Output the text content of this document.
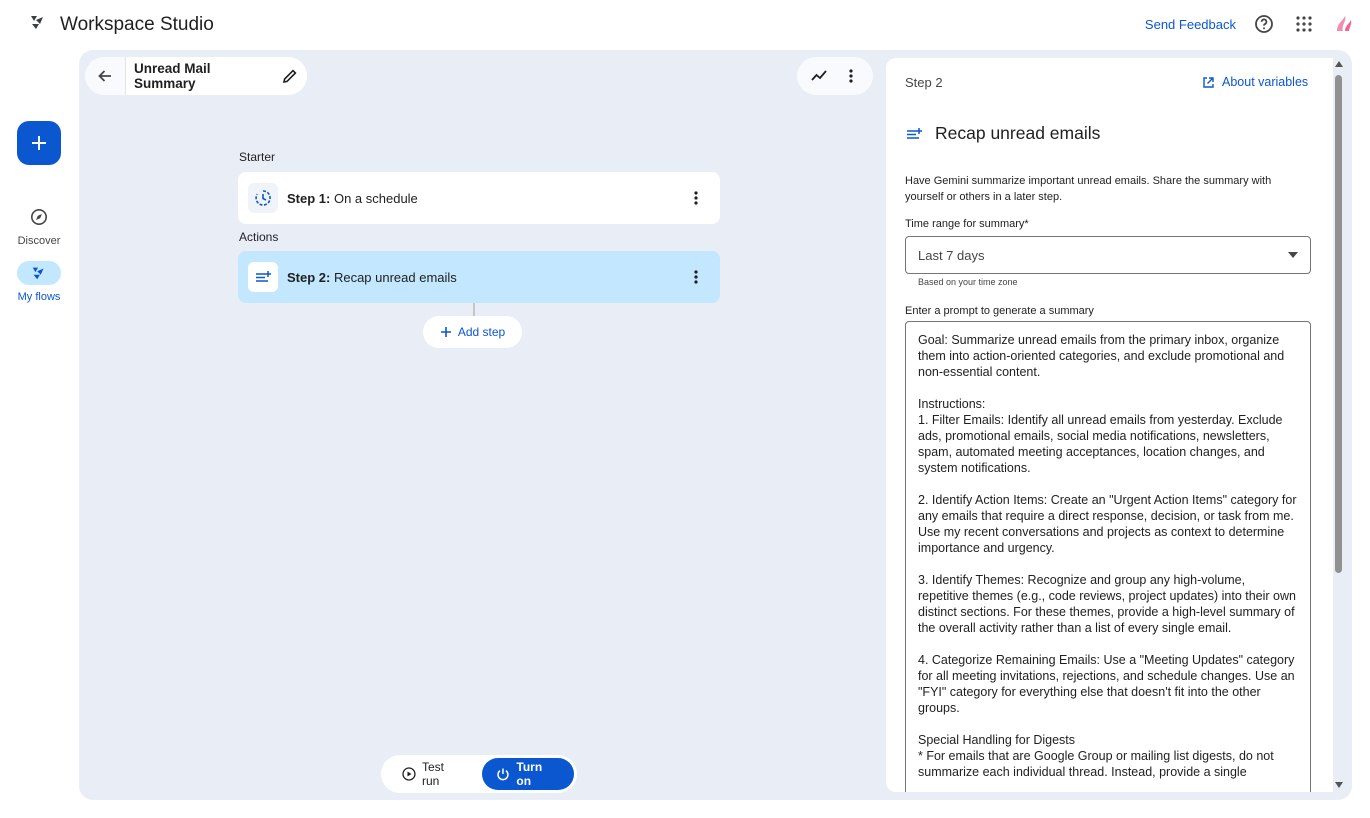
Workspace Studio	Send Feedback
Discover
My flows
Unread Mail Summary
Starter
Step 1: On a schedule
Actions
Step 2: Recap unread emails
Add step
Test run
Turn on
Step 2	About variables
Recap unread emails
Have Gemini summarize important unread emails. Share the summary with yourself or others in a later step.
Time range for summary*
Last 7 days
Based on your time zone
Enter a prompt to generate a summary
Goal: Summarize unread emails from the primary inbox, organize them into action-oriented categories, and exclude promotional and non-essential content.

Instructions:
1. Filter Emails: Identify all unread emails from yesterday. Exclude ads, promotional emails, social media notifications, newsletters, spam, automated meeting acceptances, location changes, and system notifications.

2. Identify Action Items: Create an "Urgent Action Items" category for any emails that require a direct response, decision, or task from me. Use my recent conversations and projects as context to determine importance and urgency.

3. Identify Themes: Recognize and group any high-volume, repetitive themes (e.g., code reviews, project updates) into their own distinct sections. For these themes, provide a high-level summary of the overall activity rather than a list of every single email.

4. Categorize Remaining Emails: Use a "Meeting Updates" category for all meeting invitations, rejections, and schedule changes. Use an "FYI" category for everything else that doesn't fit into the other groups.

Special Handling for Digests
* For emails that are Google Group or mailing list digests, do not summarize each individual thread. Instead, provide a single
